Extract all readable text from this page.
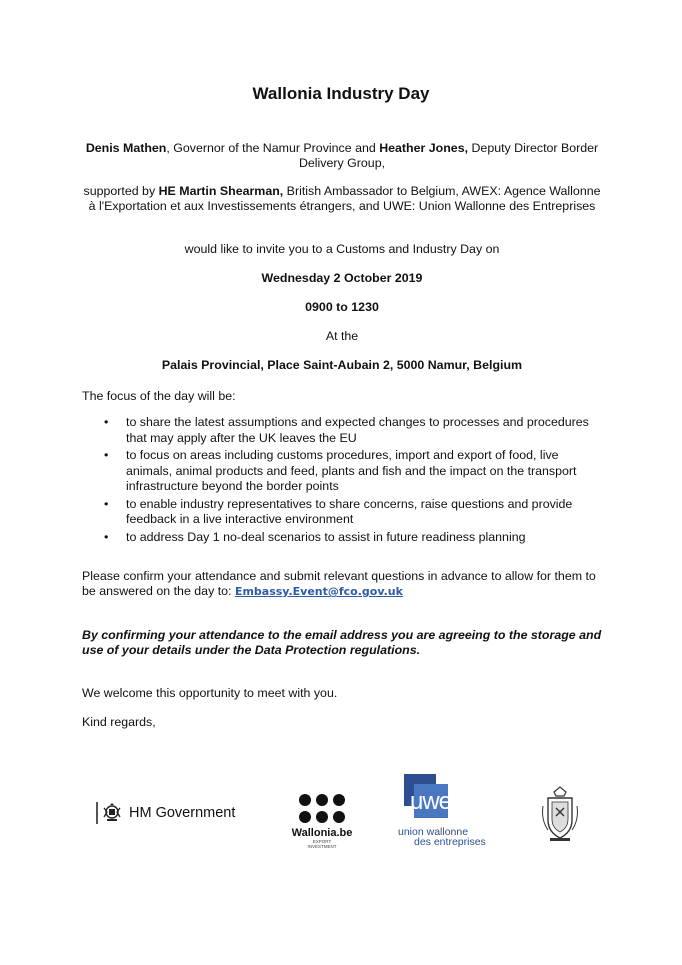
Wallonia Industry Day

Denis Mathen, Governor of the Namur Province and Heather Jones, Deputy Director Border Delivery Group,

supported by HE Martin Shearman, British Ambassador to Belgium, AWEX: Agence Wallonne à l'Exportation et aux Investissements étrangers, and UWE: Union Wallonne des Entreprises

would like to invite you to a Customs and Industry Day on

Wednesday 2 October 2019

0900 to 1230

At the

Palais Provincial, Place Saint-Aubain 2, 5000 Namur, Belgium

The focus of the day will be:

• to share the latest assumptions and expected changes to processes and procedures that may apply after the UK leaves the EU
• to focus on areas including customs procedures, import and export of food, live animals, animal products and feed, plants and fish and the impact on the transport infrastructure beyond the border points
• to enable industry representatives to share concerns, raise questions and provide feedback in a live interactive environment
• to address Day 1 no-deal scenarios to assist in future readiness planning

Please confirm your attendance and submit relevant questions in advance to allow for them to be answered on the day to: Embassy.Event@fco.gov.uk

By confirming your attendance to the email address you are agreeing to the storage and use of your details under the Data Protection regulations.

We welcome this opportunity to meet with you.

Kind regards,

HM Government
Wallonia.be
EXPORT
INVESTMENT
uwe
union wallonne
des entreprises
